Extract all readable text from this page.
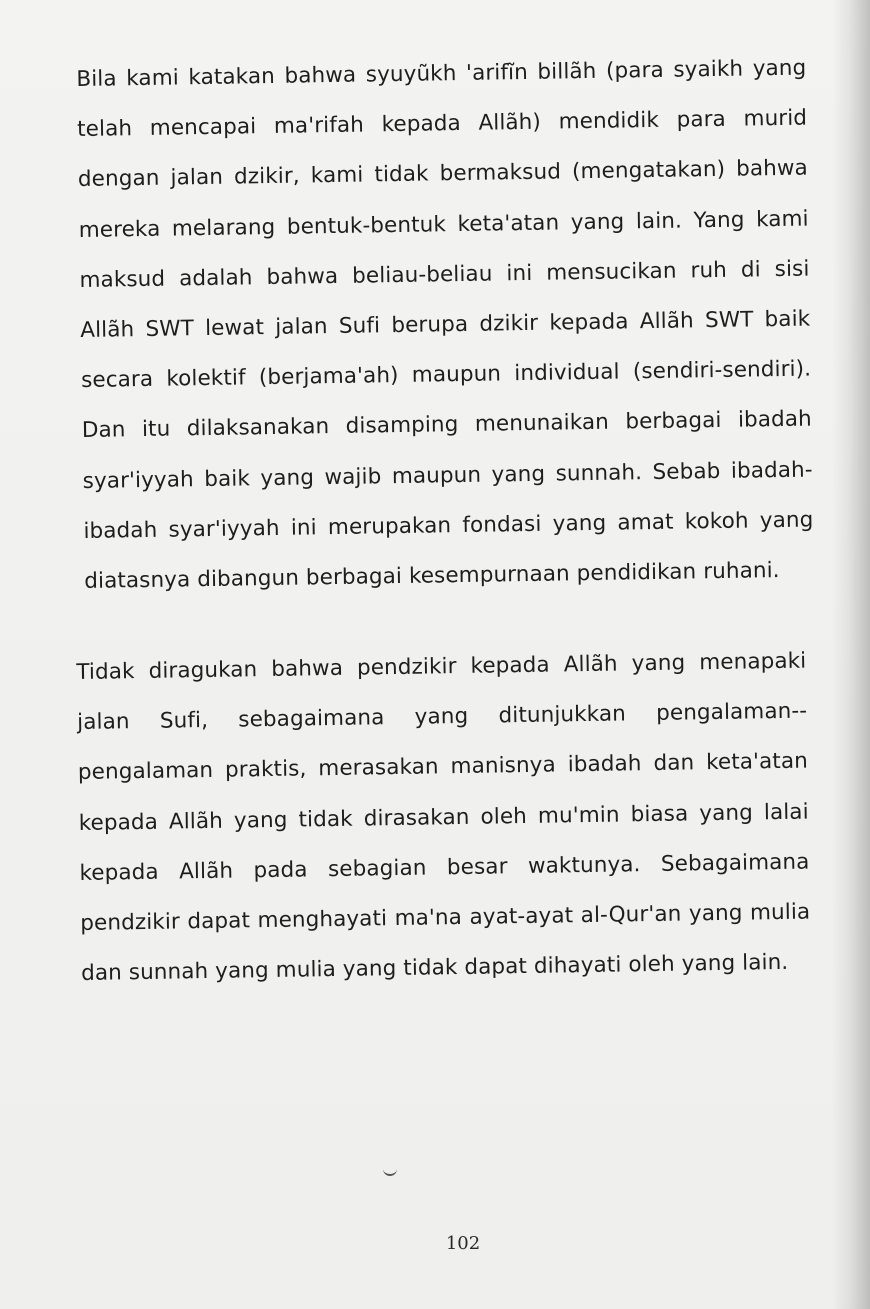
Bila kami katakan bahwa syuyũkh 'arifĩn billãh (para syaikh yang telah mencapai ma'rifah kepada Allãh) mendidik para murid dengan jalan dzikir, kami tidak bermaksud (mengatakan) bahwa mereka melarang bentuk-bentuk keta'atan yang lain. Yang kami maksud adalah bahwa beliau-beliau ini mensucikan ruh di sisi Allãh SWT lewat jalan Sufi berupa dzikir kepada Allãh SWT baik secara kolektif (berjama'ah) maupun individual (sendiri-sendiri). Dan itu dilaksanakan disamping menunaikan berbagai ibadah syar'iyyah baik yang wajib maupun yang sunnah. Sebab ibadah-ibadah syar'iyyah ini merupakan fondasi yang amat kokoh yang diatasnya dibangun berbagai kesempurnaan pendidikan ruhani.
Tidak diragukan bahwa pendzikir kepada Allãh yang menapaki jalan Sufi, sebagaimana yang ditunjukkan pengalaman--pengalaman praktis, merasakan manisnya ibadah dan keta'atan kepada Allãh yang tidak dirasakan oleh mu'min biasa yang lalai kepada Allãh pada sebagian besar waktunya. Sebagaimana pendzikir dapat menghayati ma'na ayat-ayat al-Qur'an yang mulia dan sunnah yang mulia yang tidak dapat dihayati oleh yang lain.
102
